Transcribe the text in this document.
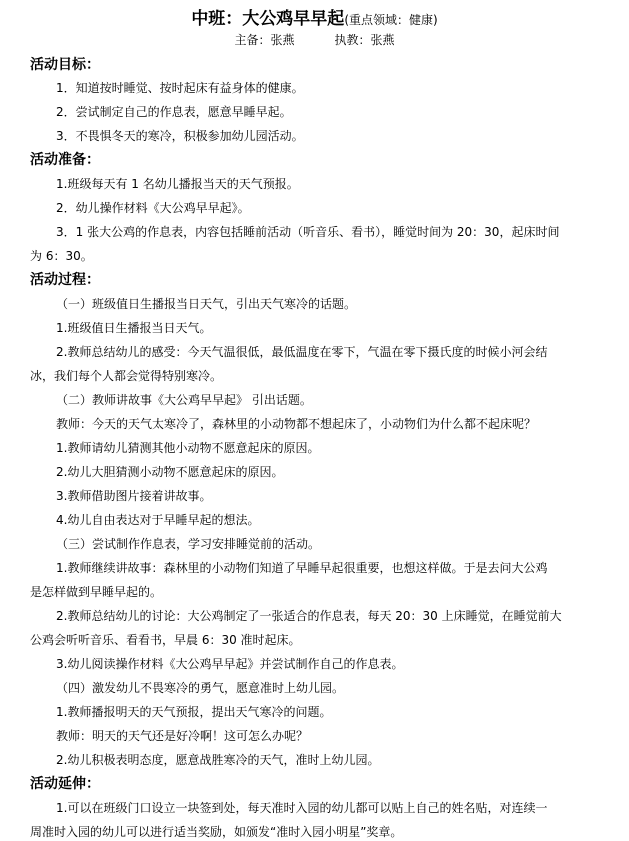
中班：大公鸡早早起(重点领域：健康)
主备：张燕	执教：张燕
活动目标：
1．知道按时睡觉、按时起床有益身体的健康。
2．尝试制定自己的作息表，愿意早睡早起。
3．不畏惧冬天的寒冷，积极参加幼儿园活动。
活动准备：
1.班级每天有 1 名幼儿播报当天的天气预报。
2．幼儿操作材料《大公鸡早早起》。
3．1 张大公鸡的作息表，内容包括睡前活动（听音乐、看书），睡觉时间为 20：30，起床时间
为 6：30。
活动过程：
（一）班级值日生播报当日天气，引出天气寒冷的话题。
1.班级值日生播报当日天气。
2.教师总结幼儿的感受：今天气温很低，最低温度在零下，气温在零下摄氏度的时候小河会结
冰，我们每个人都会觉得特别寒冷。
（二）教师讲故事《大公鸡早早起》 引出话题。
教师：今天的天气太寒冷了，森林里的小动物都不想起床了，小动物们为什么都不起床呢？
1.教师请幼儿猜测其他小动物不愿意起床的原因。
2.幼儿大胆猜测小动物不愿意起床的原因。
3.教师借助图片接着讲故事。
4.幼儿自由表达对于早睡早起的想法。
（三）尝试制作作息表，学习安排睡觉前的活动。
1.教师继续讲故事：森林里的小动物们知道了早睡早起很重要，也想这样做。于是去问大公鸡
是怎样做到早睡早起的。
2.教师总结幼儿的讨论：大公鸡制定了一张适合的作息表，每天 20：30 上床睡觉，在睡觉前大
公鸡会听听音乐、看看书，早晨 6：30 准时起床。
3.幼儿阅读操作材料《大公鸡早早起》并尝试制作自己的作息表。
（四）激发幼儿不畏寒冷的勇气，愿意准时上幼儿园。
1.教师播报明天的天气预报，提出天气寒冷的问题。
教师：明天的天气还是好冷啊！这可怎么办呢？
2.幼儿积极表明态度，愿意战胜寒冷的天气，准时上幼儿园。
活动延伸：
1.可以在班级门口设立一块签到处，每天准时入园的幼儿都可以贴上自己的姓名贴，对连续一
周准时入园的幼儿可以进行适当奖励，如颁发“准时入园小明星”奖章。
